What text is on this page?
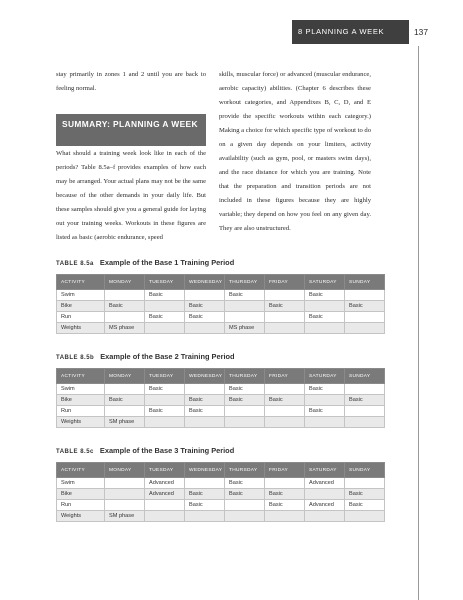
8 PLANNING A WEEK	137

stay primarily in zones 1 and 2 until you are back to feeling normal.

SUMMARY: PLANNING A WEEK

What should a training week look like in each of the periods? Table 8.5a–f provides examples of how each may be arranged. Your actual plans may not be the same because of the other demands in your daily life. But these samples should give you a general guide for laying out your training weeks. Workouts in these figures are listed as basic (aerobic endurance, speed

skills, muscular force) or advanced (muscular endurance, aerobic capacity) abilities. (Chapter 6 describes these workout categories, and Appendixes B, C, D, and E provide the specific workouts within each category.) Making a choice for which specific type of workout to do on a given day depends on your limiters, activity availability (such as gym, pool, or masters swim days), and the race distance for which you are training. Note that the preparation and transition periods are not included in these figures because they are highly variable; they depend on how you feel on any given day. They are also unstructured.

TABLE 8.5a Example of the Base 1 Training Period
ACTIVITY	MONDAY	TUESDAY	WEDNESDAY	THURSDAY	FRIDAY	SATURDAY	SUNDAY
Swim		Basic		Basic		Basic	
Bike	Basic		Basic		Basic		Basic
Run		Basic	Basic			Basic	
Weights	MS phase			MS phase			
TABLE 8.5b Example of the Base 2 Training Period
ACTIVITY	MONDAY	TUESDAY	WEDNESDAY	THURSDAY	FRIDAY	SATURDAY	SUNDAY
Swim		Basic		Basic		Basic	
Bike	Basic		Basic	Basic	Basic		Basic
Run		Basic	Basic			Basic	
Weights	SM phase						
TABLE 8.5c Example of the Base 3 Training Period
ACTIVITY	MONDAY	TUESDAY	WEDNESDAY	THURSDAY	FRIDAY	SATURDAY	SUNDAY
Swim		Advanced		Basic		Advanced	
Bike		Advanced	Basic	Basic	Basic		Basic
Run			Basic		Basic	Advanced	Basic
Weights	SM phase						
